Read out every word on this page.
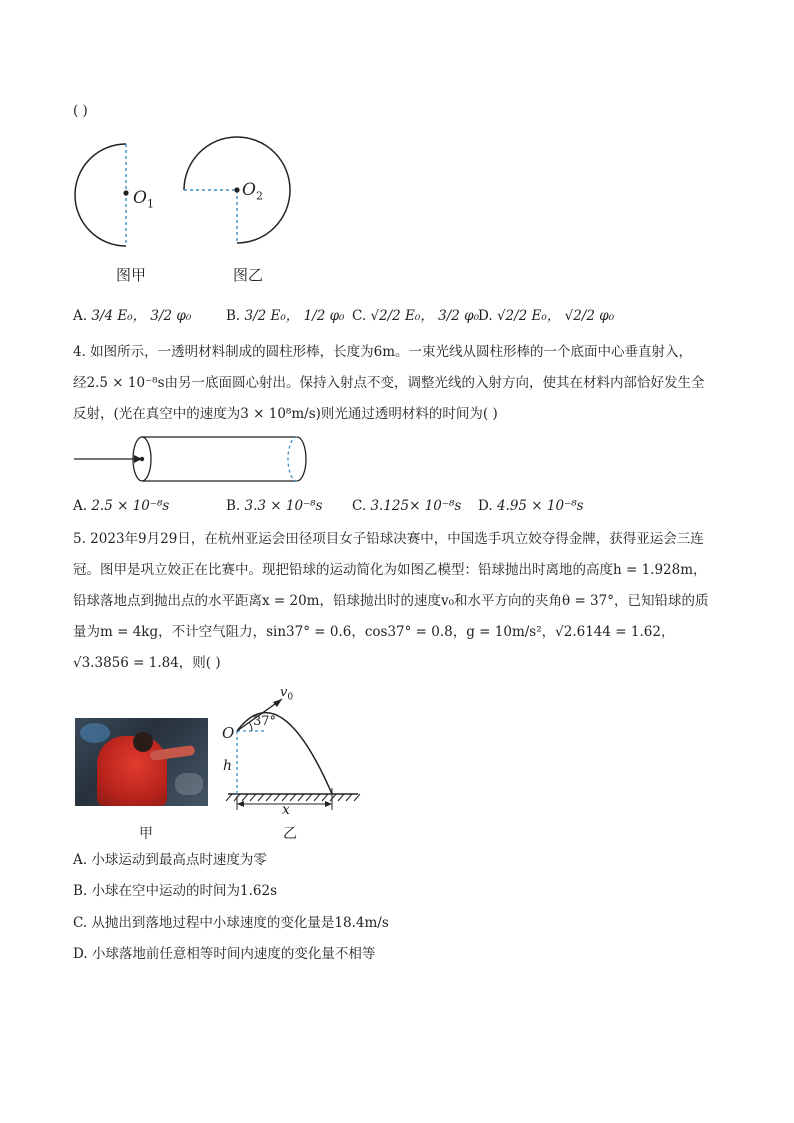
( )
$O_1$
$O_2$
图甲	图乙
A. 3/4 E₀， 3/2 φ₀	B. 3/2 E₀， 1/2 φ₀ C. √2/2 E₀， 3/2 φ₀ D. √2/2 E₀， √2/2 φ₀
4. 如图所示，一透明材料制成的圆柱形棒，长度为6m。一束光线从圆柱形棒的一个底面中心垂直射入，
经2.5 × 10⁻⁸s由另一底面圆心射出。保持入射点不变，调整光线的入射方向，使其在材料内部恰好发生全
反射，(光在真空中的速度为3 × 10⁸m/s)则光通过透明材料的时间为( )
A. 2.5 × 10⁻⁸s	B. 3.3 × 10⁻⁸s C. 3.125× 10⁻⁸s D. 4.95 × 10⁻⁸s
5. 2023年9月29日，在杭州亚运会田径项目女子铅球决赛中，中国选手巩立姣夺得金牌，获得亚运会三连
冠。图甲是巩立姣正在比赛中。现把铅球的运动简化为如图乙模型：铅球抛出时离地的高度h = 1.928m，
铅球落地点到抛出点的水平距离x = 20m，铅球抛出时的速度v₀和水平方向的夹角θ = 37°，已知铅球的质
量为m = 4kg，不计空气阻力，sin37° = 0.6，cos37° = 0.8，g = 10m/s²，√2.6144 = 1.62，
√3.3856 = 1.84，则( )
$v_0$
37°
O
h
x
甲	乙
A. 小球运动到最高点时速度为零
B. 小球在空中运动的时间为1.62s
C. 从抛出到落地过程中小球速度的变化量是18.4m/s
D. 小球落地前任意相等时间内速度的变化量不相等
